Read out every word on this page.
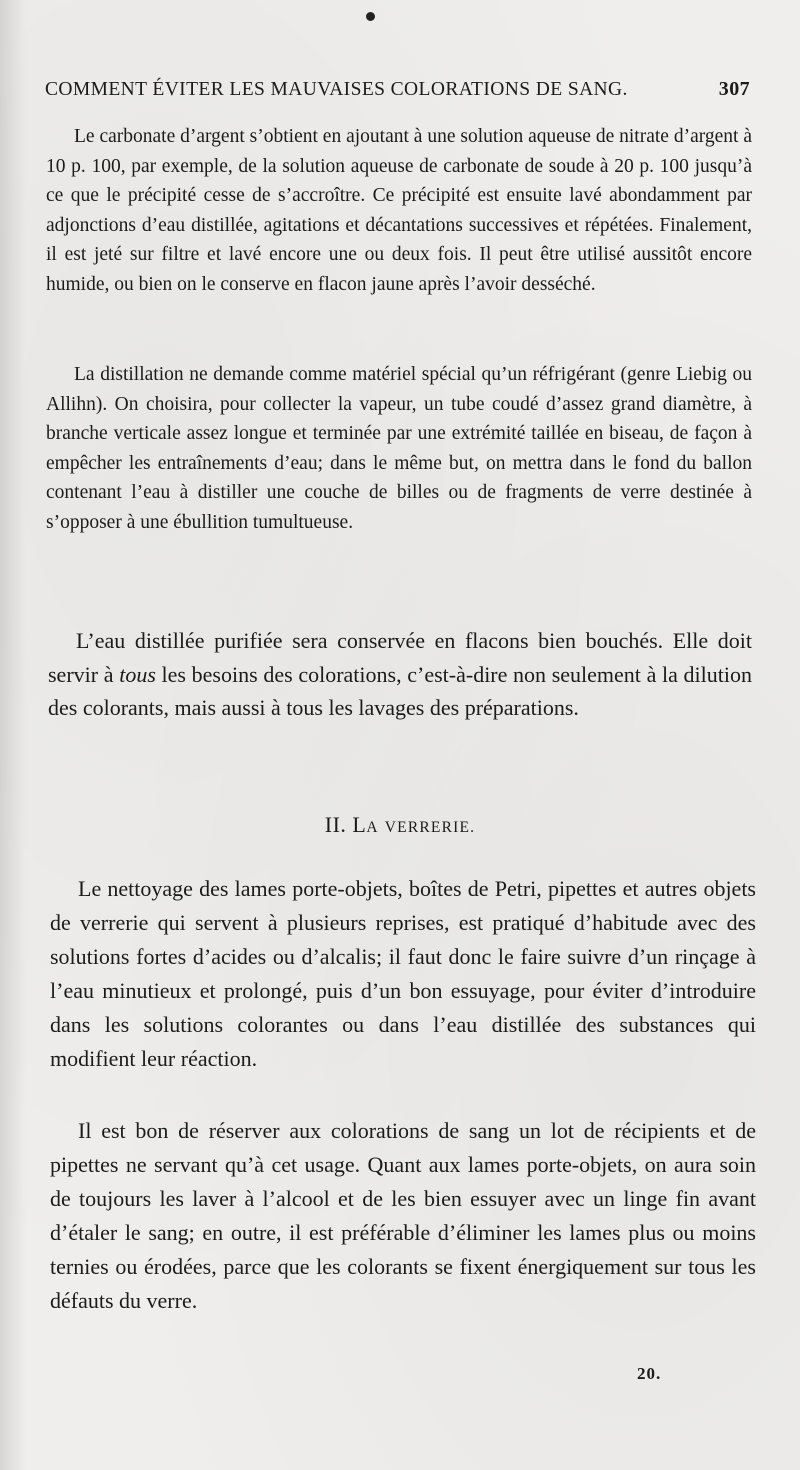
COMMENT ÉVITER LES MAUVAISES COLORATIONS DE SANG.	307

Le carbonate d’argent s’obtient en ajoutant à une solution aqueuse de nitrate d’argent à 10 p. 100, par exemple, de la solution aqueuse de carbonate de soude à 20 p. 100 jusqu’à ce que le précipité cesse de s’accroître. Ce précipité est ensuite lavé abondamment par adjonctions d’eau distillée, agitations et décantations successives et répétées. Finalement, il est jeté sur filtre et lavé encore une ou deux fois. Il peut être utilisé aussitôt encore humide, ou bien on le conserve en flacon jaune après l’avoir desséché.

La distillation ne demande comme matériel spécial qu’un réfrigérant (genre Liebig ou Allihn). On choisira, pour collecter la vapeur, un tube coudé d’assez grand diamètre, à branche verticale assez longue et terminée par une extrémité taillée en biseau, de façon à empêcher les entraînements d’eau; dans le même but, on mettra dans le fond du ballon contenant l’eau à distiller une couche de billes ou de fragments de verre destinée à s’opposer à une ébullition tumultueuse.

L’eau distillée purifiée sera conservée en flacons bien bouchés. Elle doit servir à tous les besoins des colorations, c’est-à-dire non seulement à la dilution des colorants, mais aussi à tous les lavages des préparations.

II. LA VERRERIE.

Le nettoyage des lames porte-objets, boîtes de Petri, pipettes et autres objets de verrerie qui servent à plusieurs reprises, est pratiqué d’habitude avec des solutions fortes d’acides ou d’alcalis; il faut donc le faire suivre d’un rinçage à l’eau minutieux et prolongé, puis d’un bon essuyage, pour éviter d’introduire dans les solutions colorantes ou dans l’eau distillée des substances qui modifient leur réaction.

Il est bon de réserver aux colorations de sang un lot de récipients et de pipettes ne servant qu’à cet usage. Quant aux lames porte-objets, on aura soin de toujours les laver à l’alcool et de les bien essuyer avec un linge fin avant d’étaler le sang; en outre, il est préférable d’éliminer les lames plus ou moins ternies ou érodées, parce que les colorants se fixent énergiquement sur tous les défauts du verre.

20.
